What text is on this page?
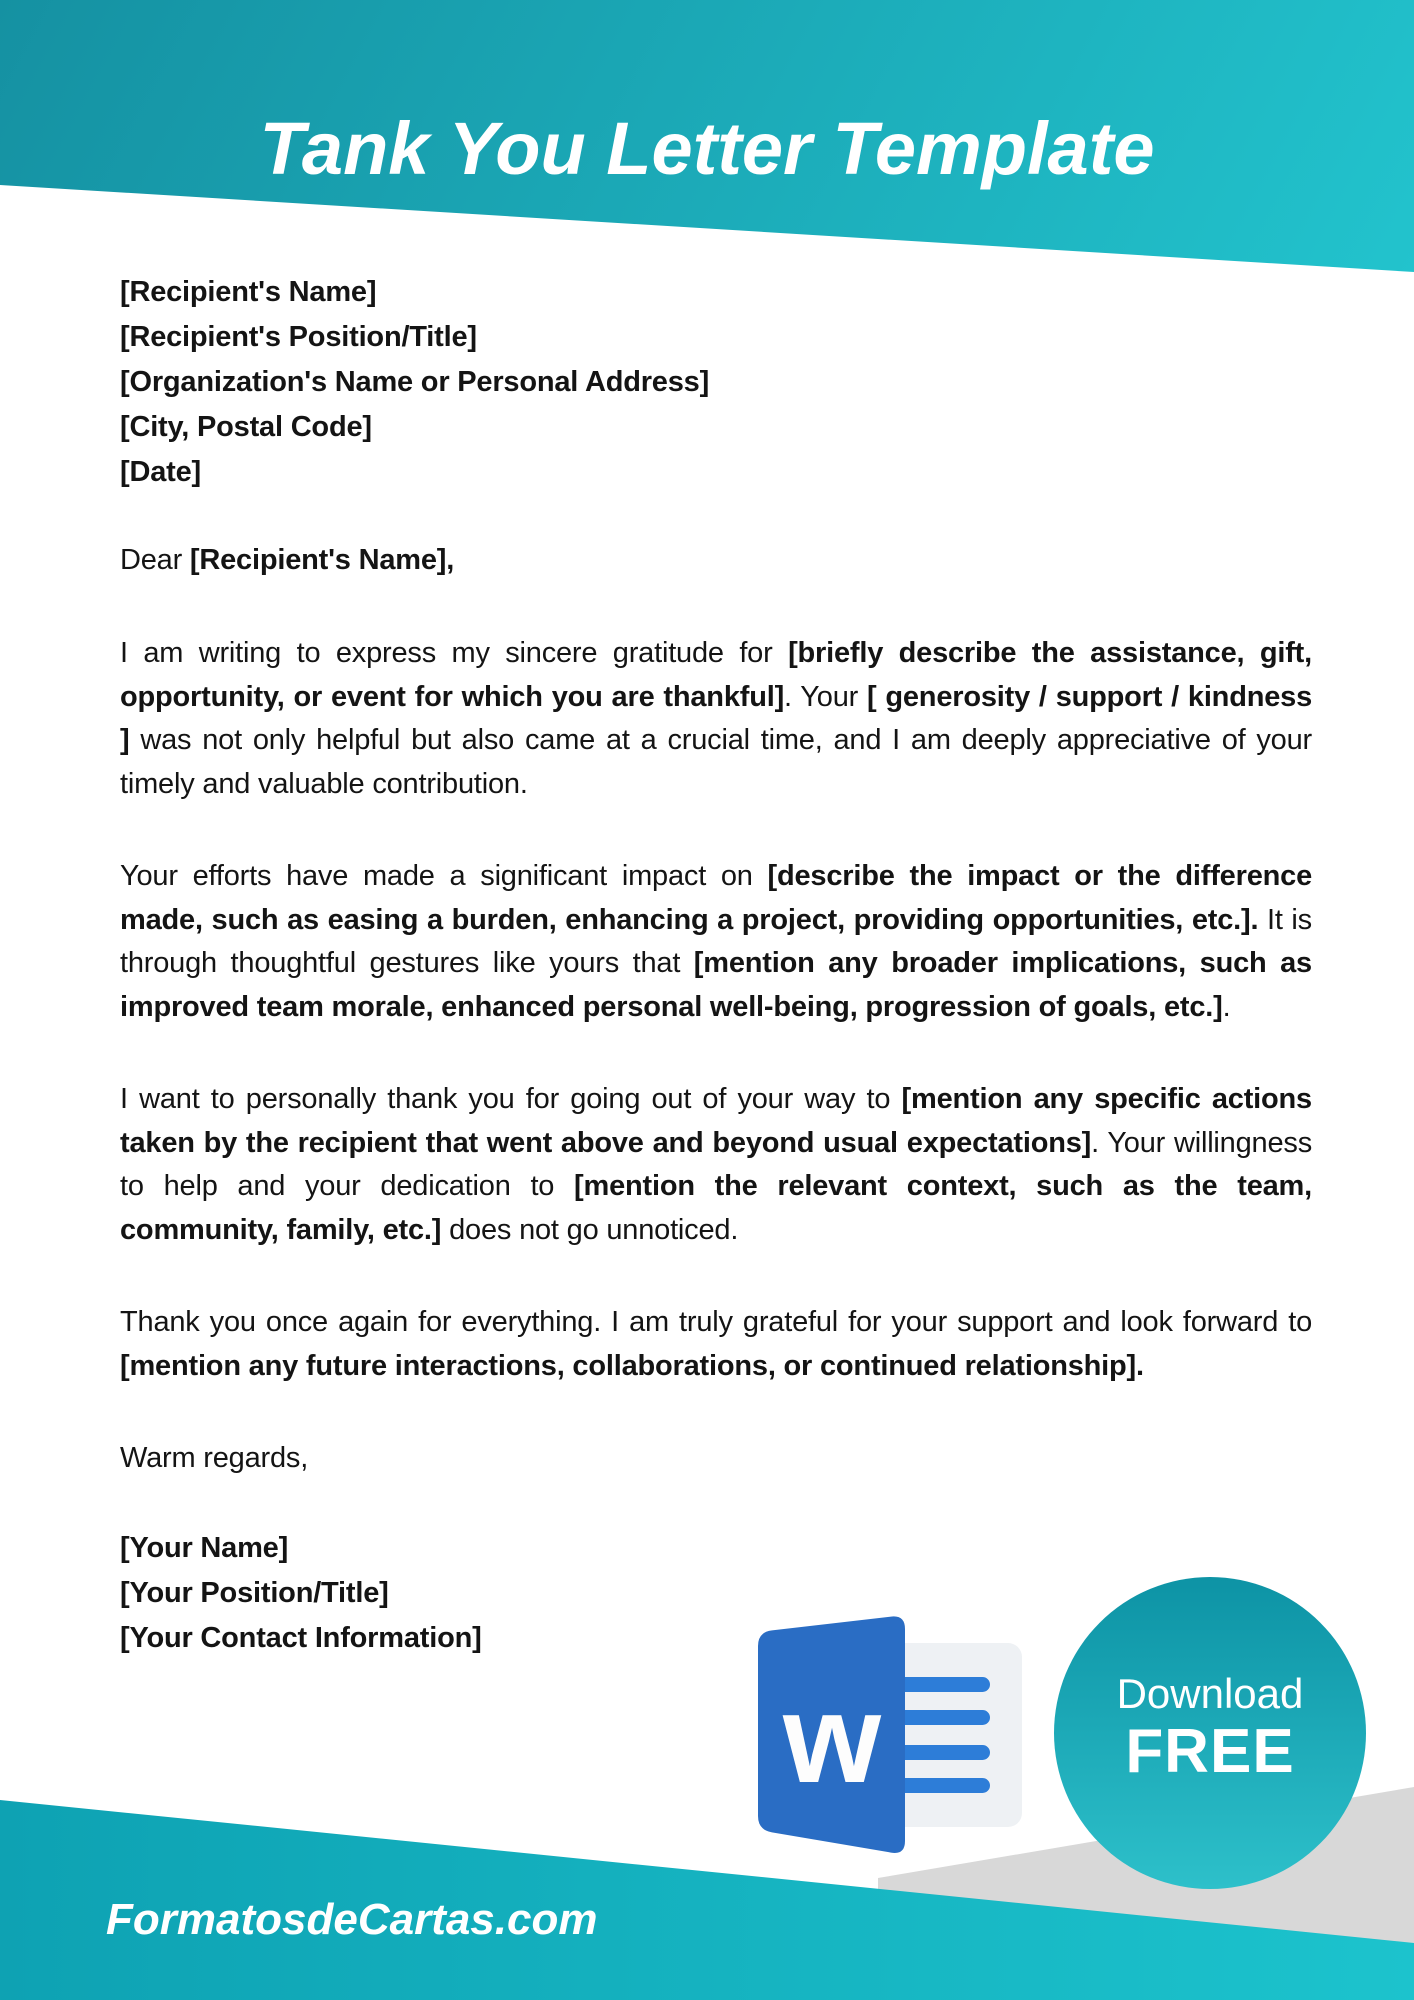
Tank You Letter Template
[Recipient's Name]
[Recipient's Position/Title]
[Organization's Name or Personal Address]
[City, Postal Code]
[Date]
Dear [Recipient's Name],

I am writing to express my sincere gratitude for [briefly describe the assistance, gift, opportunity, or event for which you are thankful]. Your [ generosity / support / kindness ] was not only helpful but also came at a crucial time, and I am deeply appreciative of your timely and valuable contribution.

Your efforts have made a significant impact on [describe the impact or the difference made, such as easing a burden, enhancing a project, providing opportunities, etc.]. It is through thoughtful gestures like yours that [mention any broader implications, such as improved team morale, enhanced personal well-being, progression of goals, etc.].

I want to personally thank you for going out of your way to [mention any specific actions taken by the recipient that went above and beyond usual expectations]. Your willingness to help and your dedication to [mention the relevant context, such as the team, community, family, etc.] does not go unnoticed.

Thank you once again for everything. I am truly grateful for your support and look forward to [mention any future interactions, collaborations, or continued relationship].

Warm regards,
[Your Name]
[Your Position/Title]
[Your Contact Information]
w	Download
FREE
FormatosdeCartas.com
